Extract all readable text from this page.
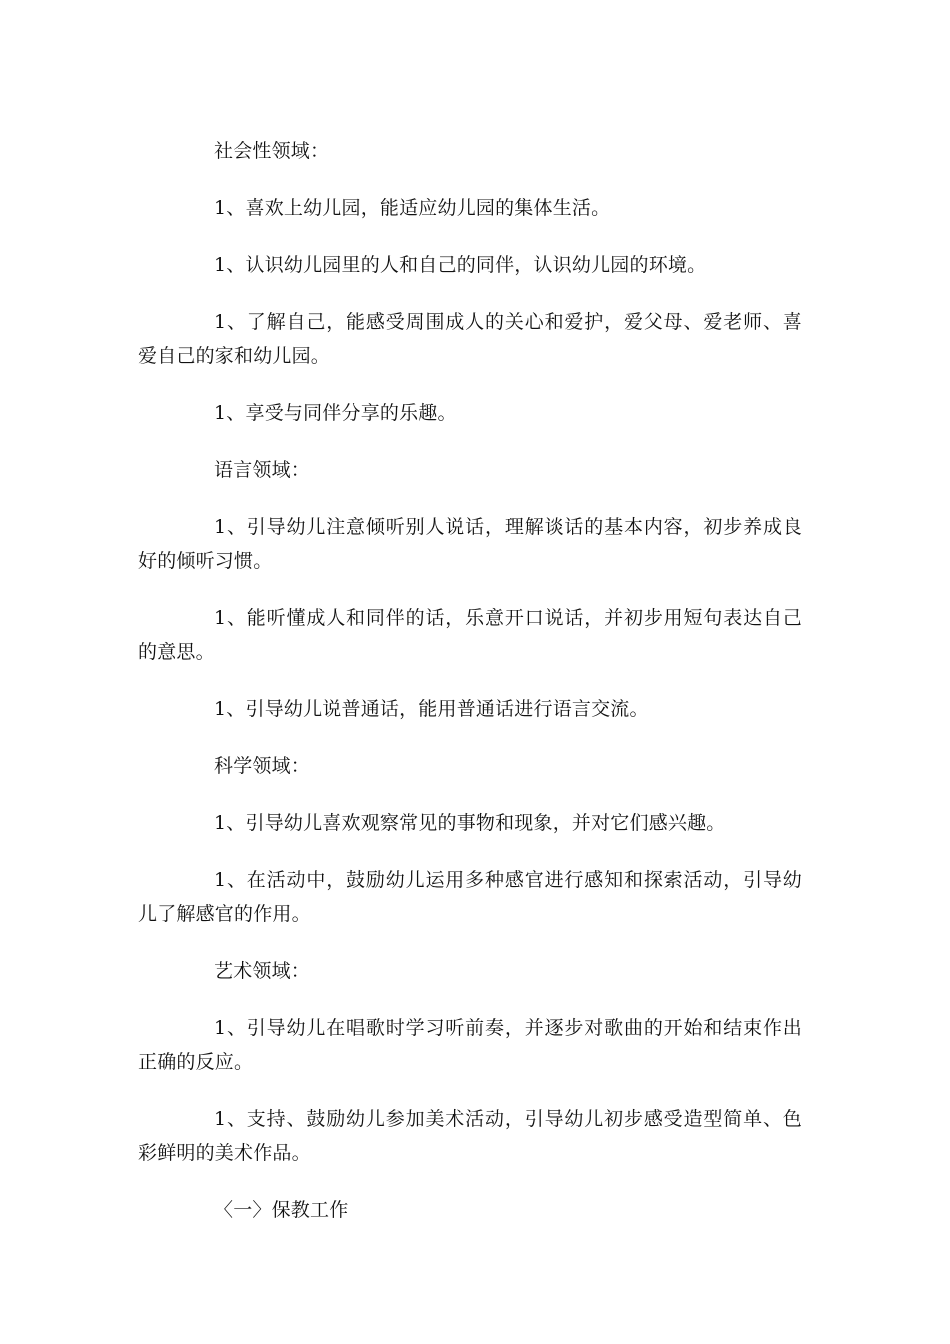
社会性领域：

1、喜欢上幼儿园，能适应幼儿园的集体生活。

1、认识幼儿园里的人和自己的同伴，认识幼儿园的环境。

1、了解自己，能感受周围成人的关心和爱护，爱父母、爱老师、喜爱自己的家和幼儿园。

1、享受与同伴分享的乐趣。

语言领域：

1、引导幼儿注意倾听别人说话，理解谈话的基本内容，初步养成良好的倾听习惯。

1、能听懂成人和同伴的话，乐意开口说话，并初步用短句表达自己的意思。

1、引导幼儿说普通话，能用普通话进行语言交流。

科学领域：

1、引导幼儿喜欢观察常见的事物和现象，并对它们感兴趣。

1、在活动中，鼓励幼儿运用多种感官进行感知和探索活动，引导幼儿了解感官的作用。

艺术领域：

1、引导幼儿在唱歌时学习听前奏，并逐步对歌曲的开始和结束作出正确的反应。

1、支持、鼓励幼儿参加美术活动，引导幼儿初步感受造型简单、色彩鲜明的美术作品。

〈一〉保教工作
